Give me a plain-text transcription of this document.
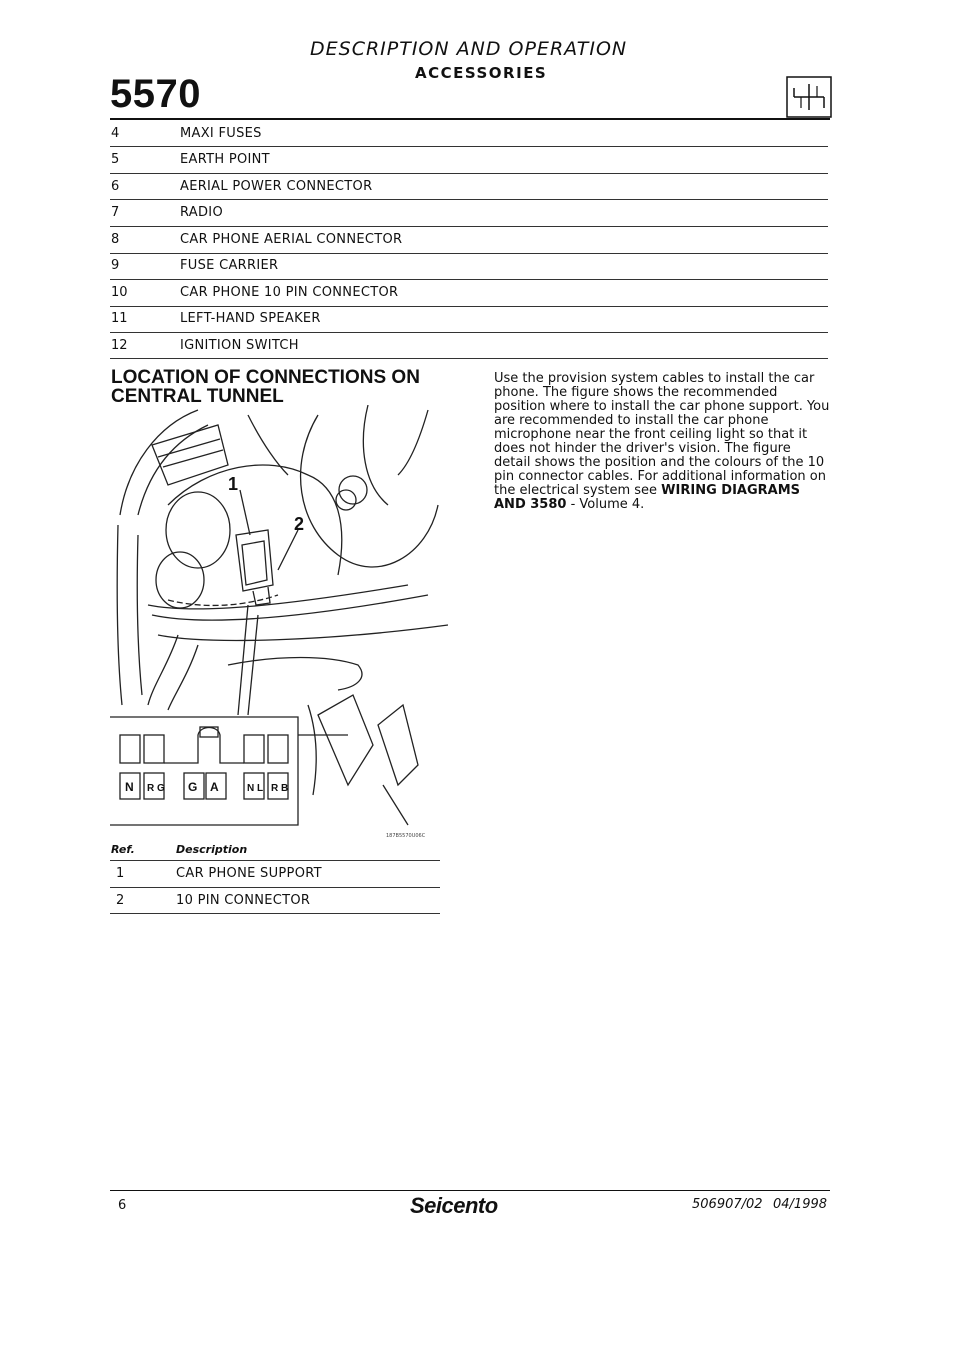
DESCRIPTION AND OPERATION
ACCESSORIES
5570
4	MAXI FUSES
5	EARTH POINT
6	AERIAL POWER CONNECTOR
7	RADIO
8	CAR PHONE AERIAL CONNECTOR
9	FUSE CARRIER
10	CAR PHONE 10 PIN CONNECTOR
11	LEFT-HAND SPEAKER
12	IGNITION SWITCH
LOCATION OF CONNECTIONS ON
CENTRAL TUNNEL
Use the provision system cables to install the car phone. The figure shows the recommended position where to install the car phone support. You are recommended to install the car phone microphone near the front ceiling light so that it does not hinder the driver's vision. The figure detail shows the position and the colours of the 10 pin connector cables. For additional information on the electrical system see WIRING DIAGRAMS AND 3580 - Volume 4.
1
2
N R G G A	N L R B
187B5570U06C
Ref.	Description
1	CAR PHONE SUPPORT
2	10 PIN CONNECTOR
6	Seicento	506907/02 04/1998
